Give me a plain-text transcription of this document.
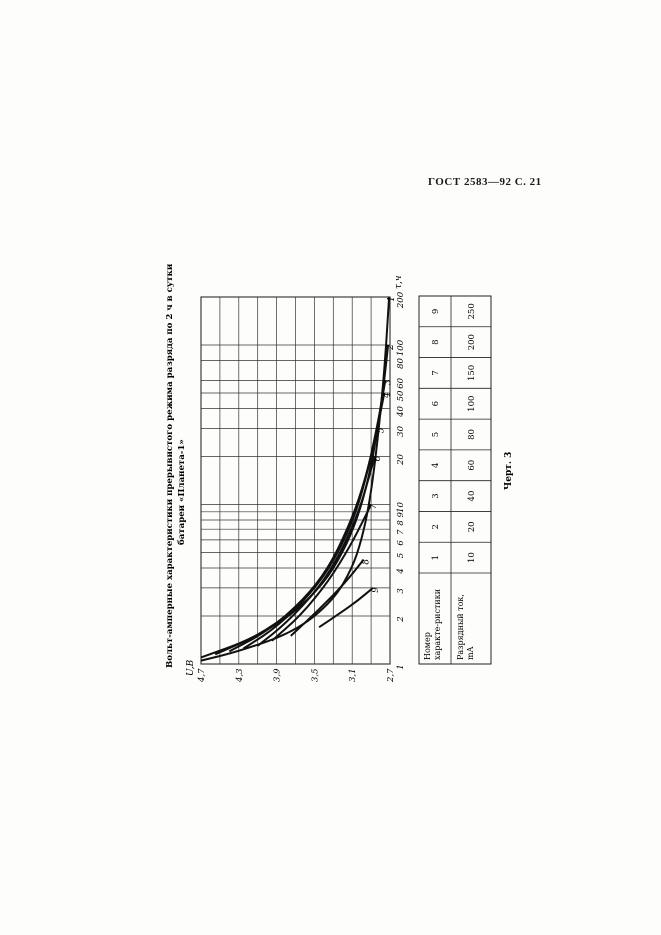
ГОСТ 2583—92 С. 21
Вольт-амперные характеристики прерывистого режима разряда по 2 ч в сутки батареи «Планета-1»
4,7	4,3	3,9	3,5	3,1	2,7
1
2
3
4
5
6
7
8
9
10
20
30
40
50
60
80
100
200
1
2
3
4
5
6
7
8
9
U,В
τ,ч
Номерхаракте-ристики Разрядный ток,mA
1	10
2	20
3	40
4	60
5	80
6	100
7	150
8	200
9	250
Черт. 3
